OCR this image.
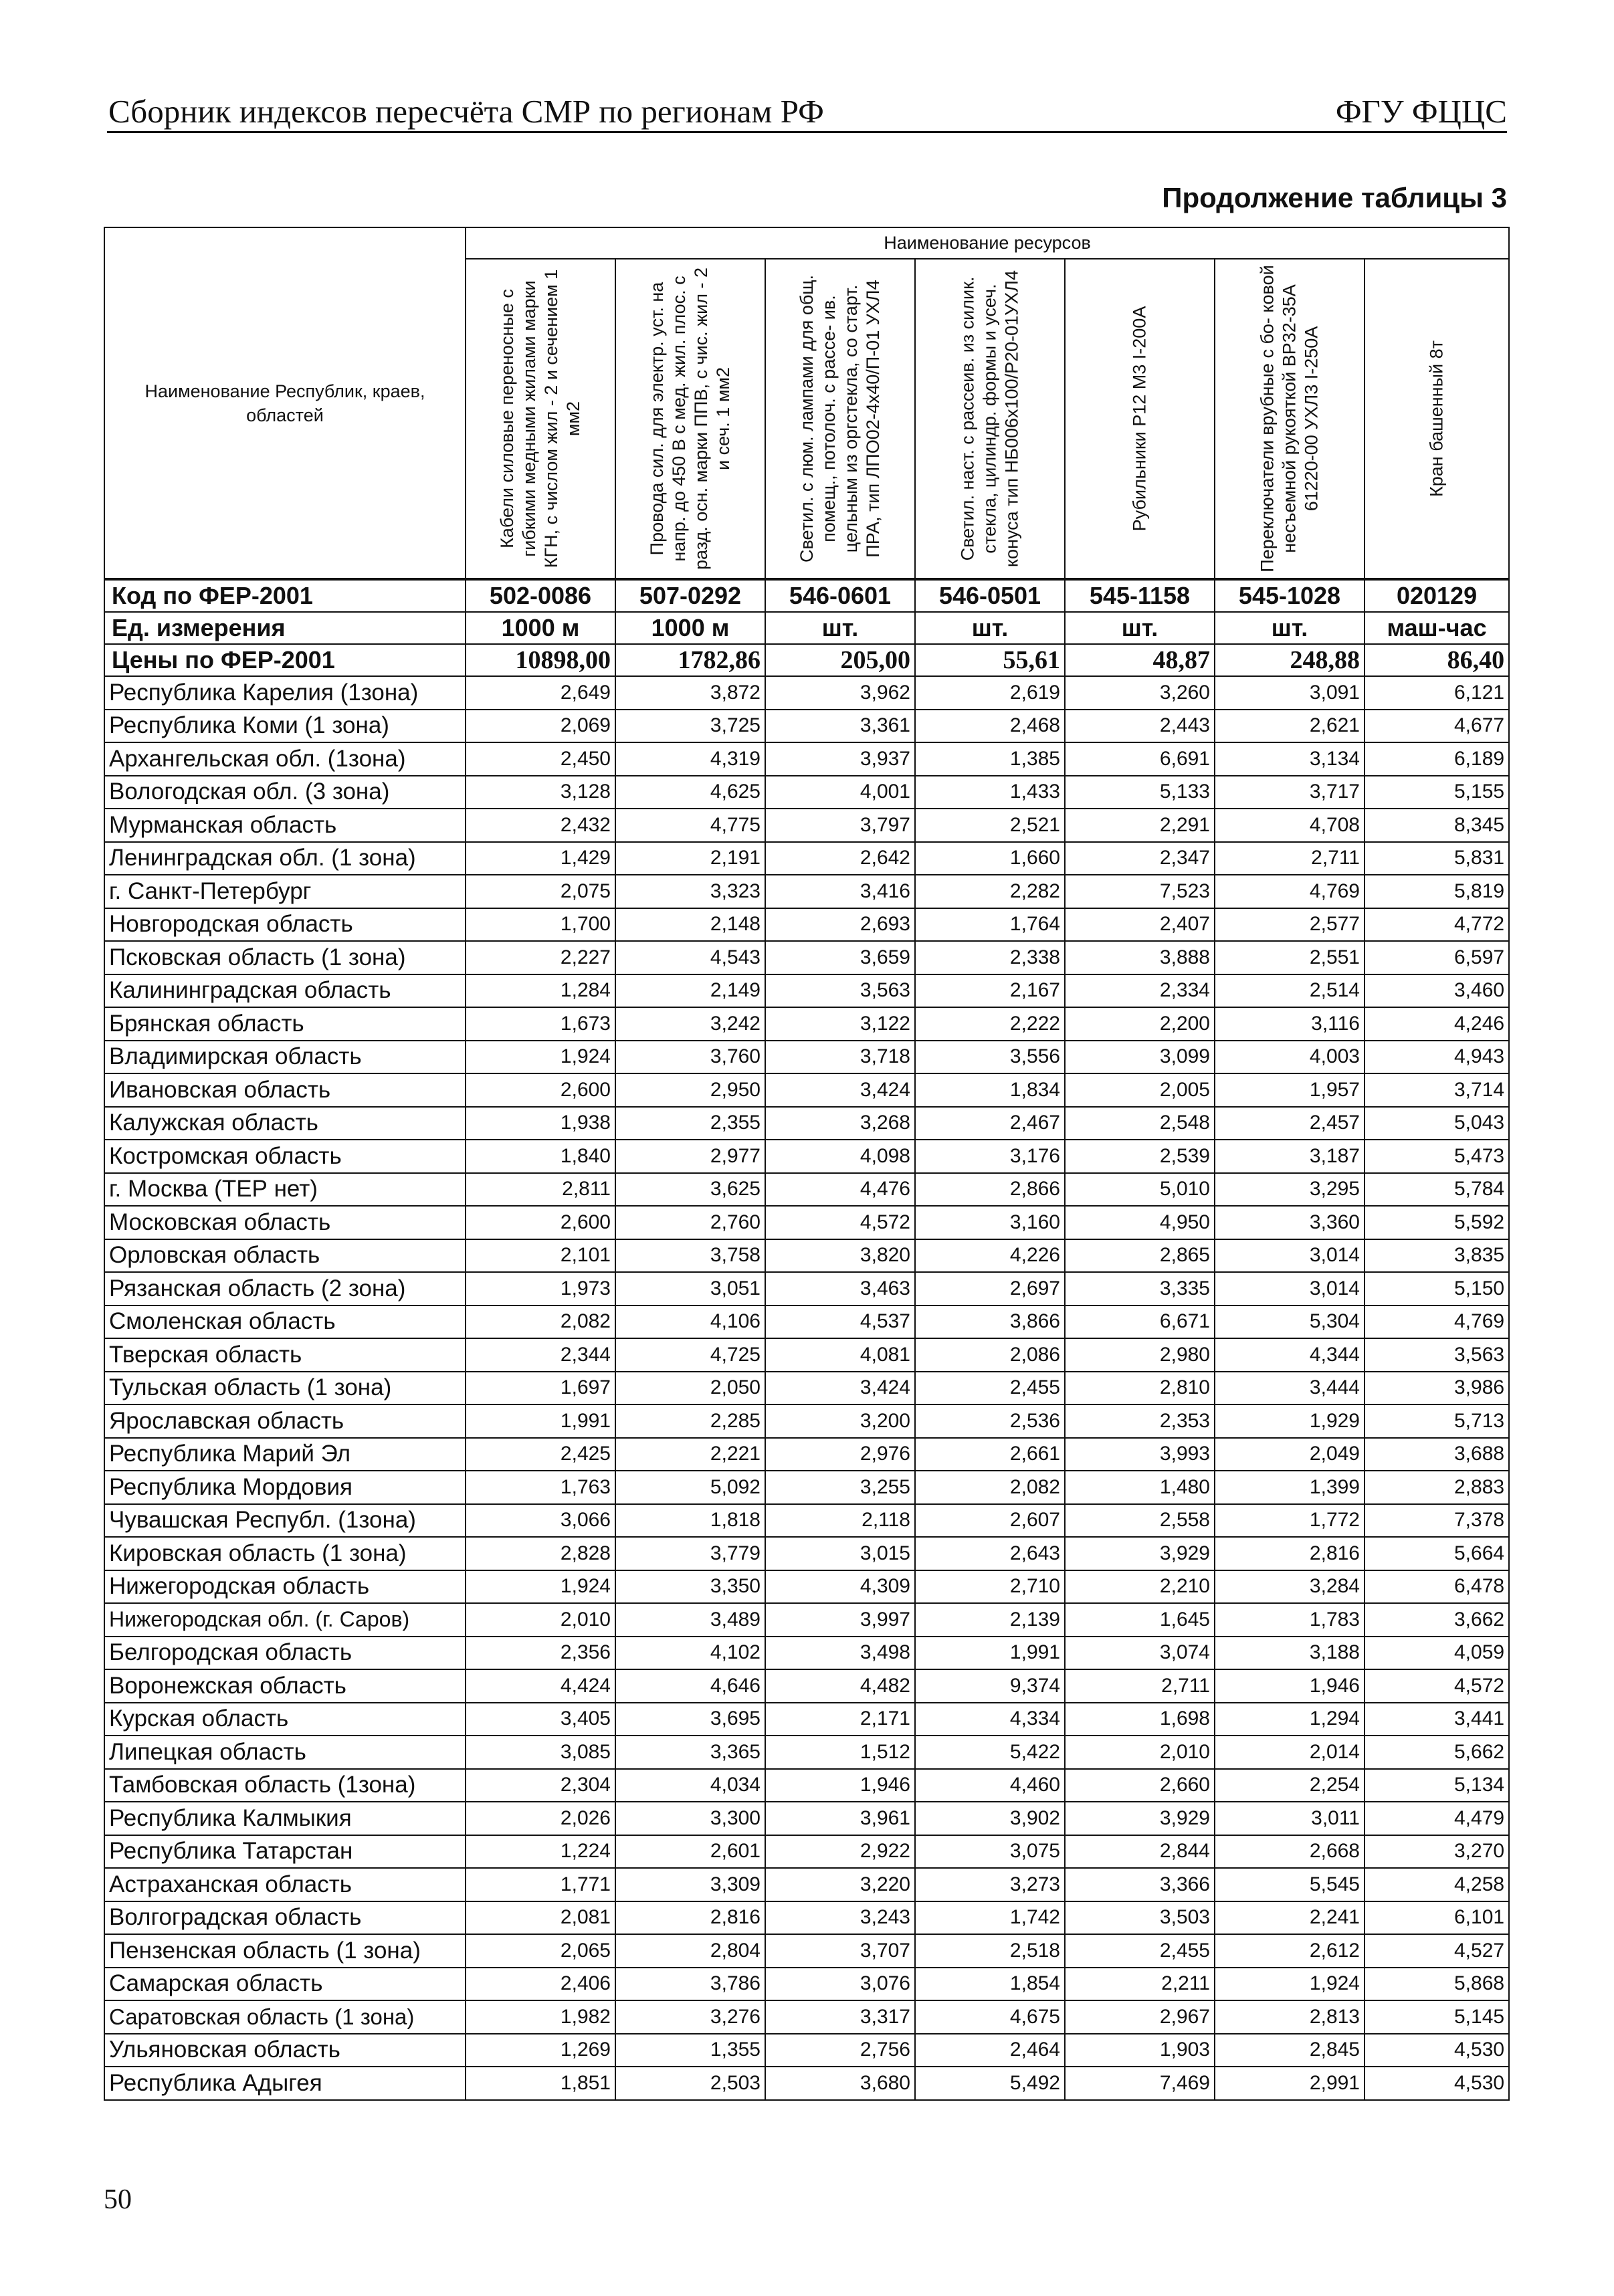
Сборник индексов пересчёта СМР по регионам РФ	ФГУ ФЦЦС
Продолжение таблицы 3
Наименование Республик, краев, областей	Наименование ресурсов						

	Кабели силовые переносные с гибкими медными жилами марки КГН, с числом жил - 2 и сечением 1 мм2	Провода сил. для электр. уст. на напр. до 450 В с мед. жил. плос. с разд. осн. марки ППВ, с чис. жил - 2 и сеч. 1 мм2	Светил. с люм. лампами для общ. помещ., потолоч. с рассе- ив. цельным из оргстекла, со старт. ПРА, тип ЛПО02-4x40/П-01 УХЛ4	Светил. наст. с рассеив. из силик. стекла, цилиндр. формы и усеч. конуса тип НБ006x100/Р20-01УХЛ4	Рубильники Р12 М3 I-200А	Переключатели врубные с бо- ковой несъемной рукояткой ВР32-35А 61220-00 УХЛ3 I-250А	Кран башенный 8т

Код по ФЕР-2001	502-0086	507-0292	546-0601	546-0501	545-1158	545-1028	020129
Ед. измерения	1000 м	1000 м	шт.	шт.	шт.	шт.	маш-час
Цены по ФЕР-2001	10898,00	1782,86	205,00	55,61	48,87	248,88	86,40
Республика Карелия (1зона)	2,649	3,872	3,962	2,619	3,260	3,091	6,121
Республика Коми (1 зона)	2,069	3,725	3,361	2,468	2,443	2,621	4,677
Архангельская обл. (1зона)	2,450	4,319	3,937	1,385	6,691	3,134	6,189
Вологодская обл. (3 зона)	3,128	4,625	4,001	1,433	5,133	3,717	5,155
Мурманская область	2,432	4,775	3,797	2,521	2,291	4,708	8,345
Ленинградская обл. (1 зона)	1,429	2,191	2,642	1,660	2,347	2,711	5,831
г. Санкт-Петербург	2,075	3,323	3,416	2,282	7,523	4,769	5,819
Новгородская область	1,700	2,148	2,693	1,764	2,407	2,577	4,772
Псковская область (1 зона)	2,227	4,543	3,659	2,338	3,888	2,551	6,597
Калининградская область	1,284	2,149	3,563	2,167	2,334	2,514	3,460
Брянская область	1,673	3,242	3,122	2,222	2,200	3,116	4,246
Владимирская область	1,924	3,760	3,718	3,556	3,099	4,003	4,943
Ивановская область	2,600	2,950	3,424	1,834	2,005	1,957	3,714
Калужская область	1,938	2,355	3,268	2,467	2,548	2,457	5,043
Костромская область	1,840	2,977	4,098	3,176	2,539	3,187	5,473
г. Москва (ТЕР нет)	2,811	3,625	4,476	2,866	5,010	3,295	5,784
Московская область	2,600	2,760	4,572	3,160	4,950	3,360	5,592
Орловская область	2,101	3,758	3,820	4,226	2,865	3,014	3,835
Рязанская область (2 зона)	1,973	3,051	3,463	2,697	3,335	3,014	5,150
Смоленская область	2,082	4,106	4,537	3,866	6,671	5,304	4,769
Тверская область	2,344	4,725	4,081	2,086	2,980	4,344	3,563
Тульская область (1 зона)	1,697	2,050	3,424	2,455	2,810	3,444	3,986
Ярославская область	1,991	2,285	3,200	2,536	2,353	1,929	5,713
Республика Марий Эл	2,425	2,221	2,976	2,661	3,993	2,049	3,688
Республика Мордовия	1,763	5,092	3,255	2,082	1,480	1,399	2,883
Чувашская Республ. (1зона)	3,066	1,818	2,118	2,607	2,558	1,772	7,378
Кировская область (1 зона)	2,828	3,779	3,015	2,643	3,929	2,816	5,664
Нижегородская область	1,924	3,350	4,309	2,710	2,210	3,284	6,478
Нижегородская обл. (г. Саров)	2,010	3,489	3,997	2,139	1,645	1,783	3,662
Белгородская область	2,356	4,102	3,498	1,991	3,074	3,188	4,059
Воронежская область	4,424	4,646	4,482	9,374	2,711	1,946	4,572
Курская область	3,405	3,695	2,171	4,334	1,698	1,294	3,441
Липецкая область	3,085	3,365	1,512	5,422	2,010	2,014	5,662
Тамбовская область (1зона)	2,304	4,034	1,946	4,460	2,660	2,254	5,134
Республика Калмыкия	2,026	3,300	3,961	3,902	3,929	3,011	4,479
Республика Татарстан	1,224	2,601	2,922	3,075	2,844	2,668	3,270
Астраханская область	1,771	3,309	3,220	3,273	3,366	5,545	4,258
Волгоградская область	2,081	2,816	3,243	1,742	3,503	2,241	6,101
Пензенская область (1 зона)	2,065	2,804	3,707	2,518	2,455	2,612	4,527
Самарская область	2,406	3,786	3,076	1,854	2,211	1,924	5,868
Саратовская область (1 зона)	1,982	3,276	3,317	4,675	2,967	2,813	5,145
Ульяновская область	1,269	1,355	2,756	2,464	1,903	2,845	4,530
Республика Адыгея	1,851	2,503	3,680	5,492	7,469	2,991	4,530
50
